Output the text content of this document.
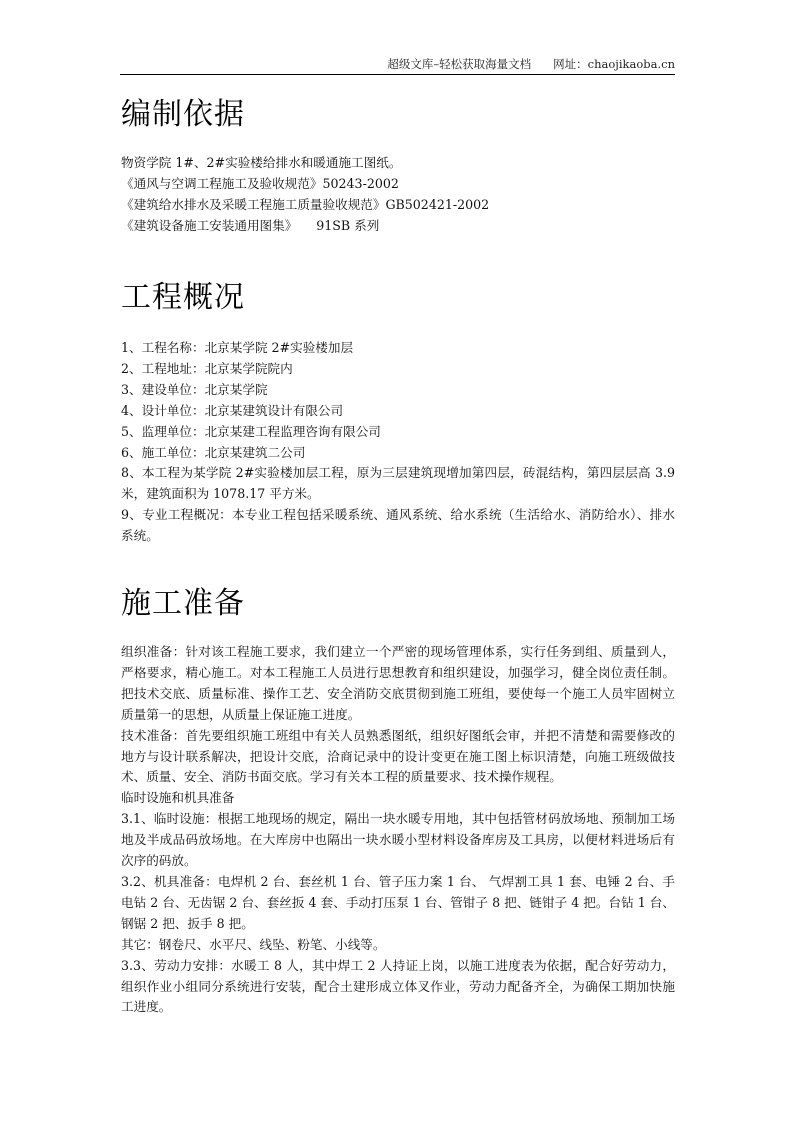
超级文库–轻松获取海量文档 网址：chaojikaoba.cn
编制依据

物资学院 1#、2#实验楼给排水和暖通施工图纸。

《通风与空调工程施工及验收规范》50243-2002

《建筑给水排水及采暖工程施工质量验收规范》GB502421-2002

《建筑设备施工安装通用图集》　　91SB 系列

工程概况

1、工程名称：北京某学院 2#实验楼加层

2、工程地址：北京某学院院内

3、建设单位：北京某学院

4、设计单位：北京某建筑设计有限公司

5、监理单位：北京某建工程监理咨询有限公司

6、施工单位：北京某建筑二公司

8、本工程为某学院 2#实验楼加层工程，原为三层建筑现增加第四层，砖混结构，第四层层高 3.9 米，建筑面积为 1078.17 平方米。

9、专业工程概况：本专业工程包括采暖系统、通风系统、给水系统（生活给水、消防给水）、排水系统。

施工准备

组织准备：针对该工程施工要求，我们建立一个严密的现场管理体系，实行任务到组、质量到人，严格要求，精心施工。对本工程施工人员进行思想教育和组织建设，加强学习，健全岗位责任制。把技术交底、质量标准、操作工艺、安全消防交底贯彻到施工班组，要使每一个施工人员牢固树立质量第一的思想，从质量上保证施工进度。

技术准备：首先要组织施工班组中有关人员熟悉图纸，组织好图纸会审，并把不清楚和需要修改的地方与设计联系解决，把设计交底，洽商记录中的设计变更在施工图上标识清楚，向施工班级做技术、质量、安全、消防书面交底。学习有关本工程的质量要求、技术操作规程。

临时设施和机具准备

3.1、临时设施：根据工地现场的规定，隔出一块水暖专用地，其中包括管材码放场地、预制加工场地及半成品码放场地。在大库房中也隔出一块水暖小型材料设备库房及工具房，以便材料进场后有次序的码放。

3.2、机具准备：电焊机 2 台、套丝机 1 台、管子压力案 1 台、 气焊割工具 1 套、电锤 2 台、手电钻 2 台、无齿锯 2 台、套丝扳 4 套、手动打压泵 1 台、管钳子 8 把、链钳子 4 把。台钻 1 台、钢锯 2 把、扳手 8 把。

其它：钢卷尺、水平尺、线坠、粉笔、小线等。

3.3、劳动力安排：水暖工 8 人，其中焊工 2 人持证上岗，以施工进度表为依据，配合好劳动力，组织作业小组同分系统进行安装，配合土建形成立体叉作业，劳动力配备齐全，为确保工期加快施工进度。
